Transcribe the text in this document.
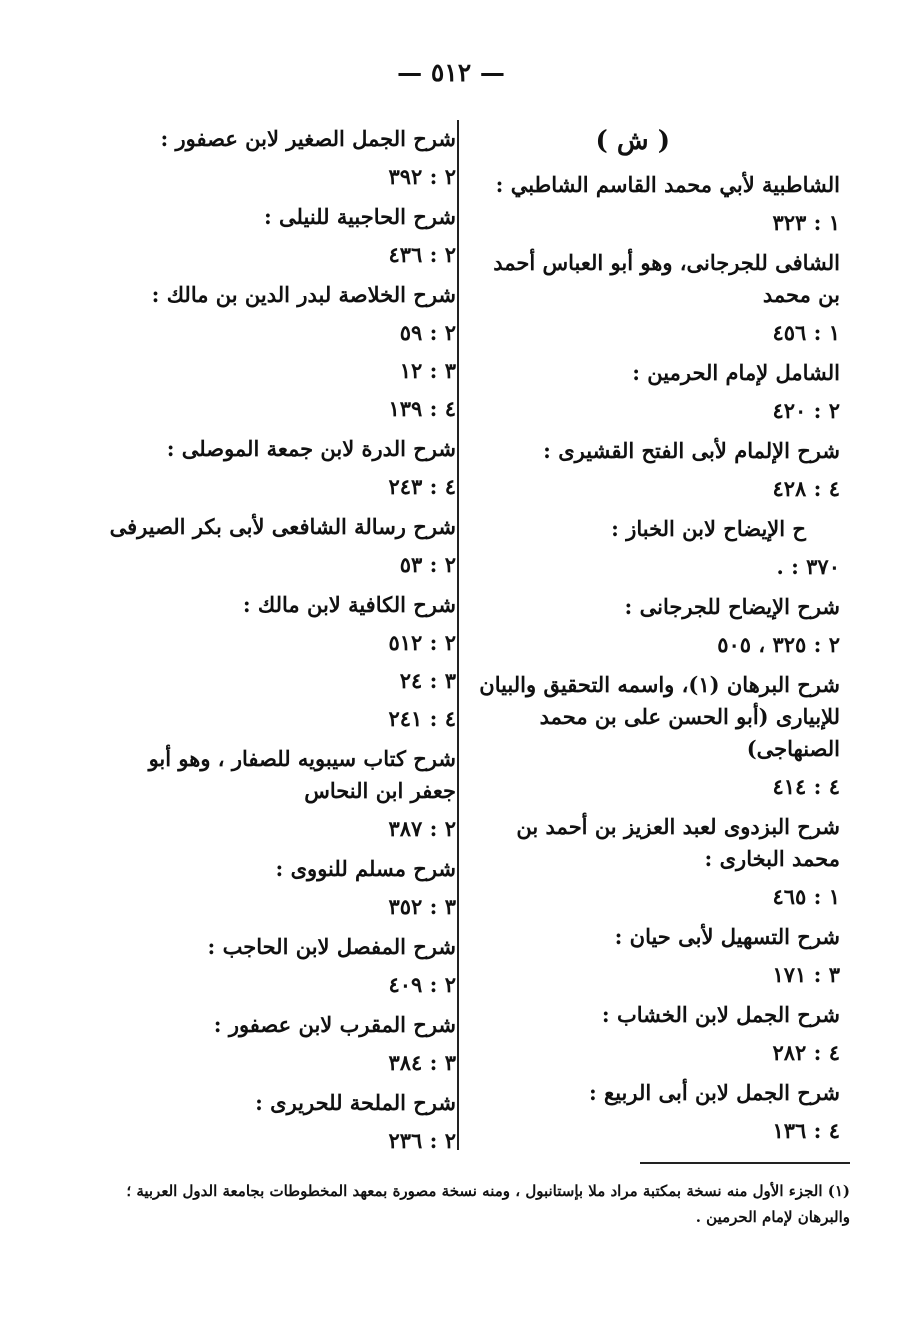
— ٥١٢ —
( ش )
الشاطبية لأبي محمد القاسم الشاطبي :
١ : ٣٢٣
الشافى للجرجانى، وهو أبو العباس أحمد بن محمد
١ : ٤٥٦
الشامل لإمام الحرمين :
٢ : ٤٢٠
شرح الإلمام لأبى الفتح القشيرى :
٤ : ٤٢٨
ح الإيضاح لابن الخباز :
٣٧٠ : .
شرح الإيضاح للجرجانى :
٢ : ٣٢٥ ، ٥٠٥
شرح البرهان (١)، واسمه التحقيق والبيان للإبيارى (أبو الحسن على بن محمد الصنهاجى)
٤ : ٤١٤
شرح البزدوى لعبد العزيز بن أحمد بن محمد البخارى :
١ : ٤٦٥
شرح التسهيل لأبى حيان :
٣ : ١٧١
شرح الجمل لابن الخشاب :
٤ : ٢٨٢
شرح الجمل لابن أبى الربيع :
٤ : ١٣٦
شرح الجمل الصغير لابن عصفور :
٢ : ٣٩٢
شرح الحاجبية للنيلى :
٢ : ٤٣٦
شرح الخلاصة لبدر الدين بن مالك :
٢ : ٥٩
٣ : ١٢
٤ : ١٣٩
شرح الدرة لابن جمعة الموصلى :
٤ : ٢٤٣
شرح رسالة الشافعى لأبى بكر الصيرفى
٢ : ٥٣
شرح الكافية لابن مالك :
٢ : ٥١٢
٣ : ٢٤
٤ : ٢٤١
شرح كتاب سيبويه للصفار ، وهو أبو جعفر ابن النحاس
٢ : ٣٨٧
شرح مسلم للنووى :
٣ : ٣٥٢
شرح المفصل لابن الحاجب :
٢ : ٤٠٩
شرح المقرب لابن عصفور :
٣ : ٣٨٤
شرح الملحة للحريرى :
٢ : ٢٣٦
(١) الجزء الأول منه نسخة بمكتبة مراد ملا بإستانبول ، ومنه نسخة مصورة بمعهد المخطوطات بجامعة الدول العربية ؛ والبرهان لإمام الحرمين .
